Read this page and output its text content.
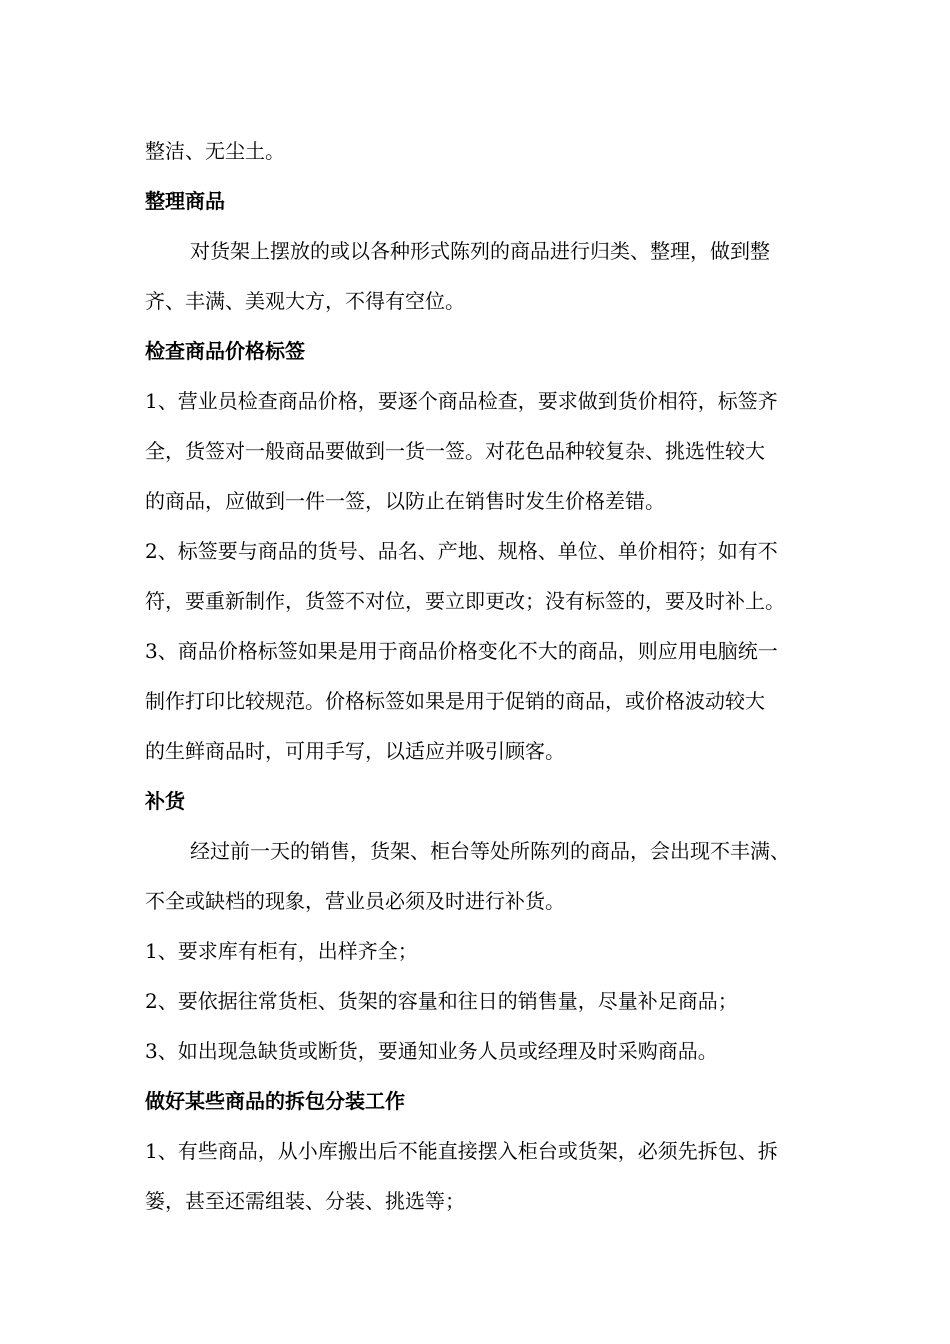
整洁、无尘土。
整理商品
对货架上摆放的或以各种形式陈列的商品进行归类、整理，做到整
齐、丰满、美观大方，不得有空位。
检查商品价格标签
1、营业员检查商品价格，要逐个商品检查，要求做到货价相符，标签齐
全，货签对一般商品要做到一货一签。对花色品种较复杂、挑选性较大
的商品，应做到一件一签，以防止在销售时发生价格差错。
2、标签要与商品的货号、品名、产地、规格、单位、单价相符；如有不
符，要重新制作，货签不对位，要立即更改；没有标签的，要及时补上。
3、商品价格标签如果是用于商品价格变化不大的商品，则应用电脑统一
制作打印比较规范。价格标签如果是用于促销的商品，或价格波动较大
的生鲜商品时，可用手写，以适应并吸引顾客。
补货
经过前一天的销售，货架、柜台等处所陈列的商品，会出现不丰满、
不全或缺档的现象，营业员必须及时进行补货。
1、要求库有柜有，出样齐全；
2、要依据往常货柜、货架的容量和往日的销售量，尽量补足商品；
3、如出现急缺货或断货，要通知业务人员或经理及时采购商品。
做好某些商品的拆包分装工作
1、有些商品，从小库搬出后不能直接摆入柜台或货架，必须先拆包、拆
篓，甚至还需组装、分装、挑选等；
